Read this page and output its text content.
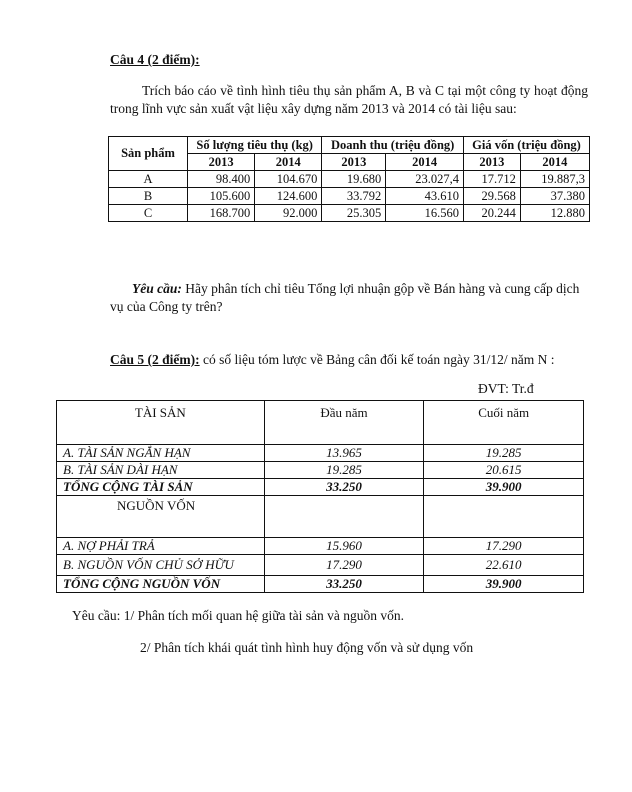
Câu 4 (2 điểm):
Trích báo cáo về tình hình tiêu thụ sản phẩm A, B và C tại một công ty hoạt động trong lĩnh vực sản xuất vật liệu xây dựng năm 2013 và 2014 có tài liệu sau:
Sản phẩm	Số lượng tiêu thụ (kg)		Doanh thu (triệu đồng)		Giá vốn (triệu đồng)	
	2013	2014	2013	2014	2013	2014
A	98.400	104.670	19.680	23.027,4	17.712	19.887,3
B	105.600	124.600	33.792	43.610	29.568	37.380
C	168.700	92.000	25.305	16.560	20.244	12.880
Yêu cầu: Hãy phân tích chỉ tiêu Tổng lợi nhuận gộp về Bán hàng và cung cấp dịch vụ của Công ty trên?
Câu 5 (2 điểm): có số liệu tóm lược về Bảng cân đối kế toán ngày 31/12/ năm N :
ĐVT: Tr.đ
TÀI SẢN	Đầu năm	Cuối năm
A. TÀI SẢN NGẮN HẠN	13.965	19.285
B. TÀI SẢN DÀI HẠN	19.285	20.615
TỔNG CỘNG TÀI SẢN	33.250	39.900
NGUỒN VỐN		
A. NỢ PHẢI TRẢ	15.960	17.290
B. NGUỒN VỐN CHỦ SỞ HỮU	17.290	22.610
TỔNG CỘNG NGUỒN VỐN	33.250	39.900
Yêu cầu: 1/ Phân tích mối quan hệ giữa tài sản và nguồn vốn.
2/ Phân tích khái quát tình hình huy động vốn và sử dụng vốn
